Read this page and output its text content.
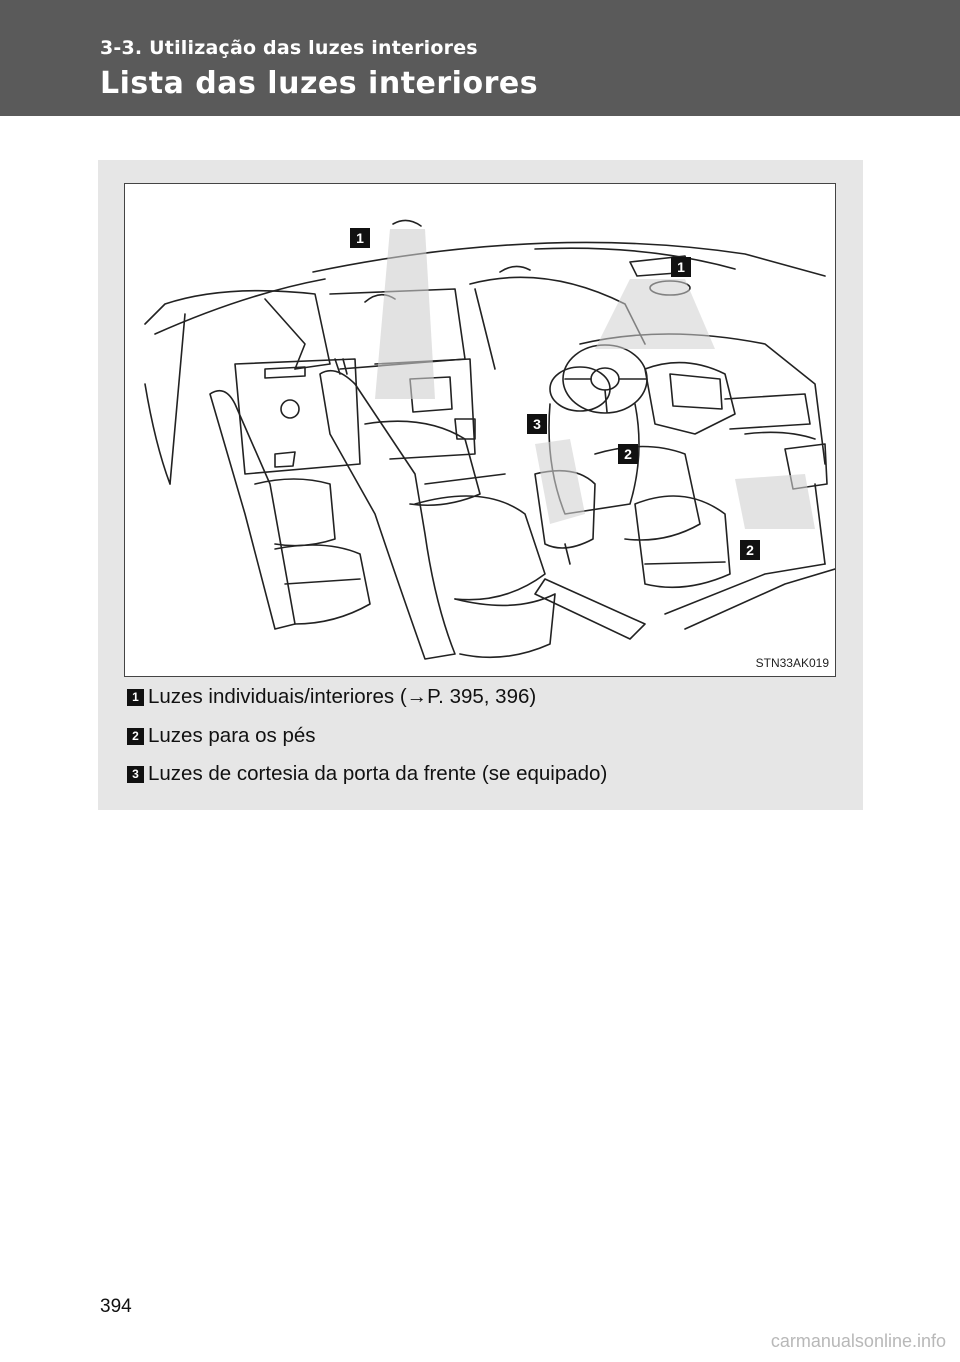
3-3. Utilização das luzes interiores
Lista das luzes interiores
1
1
3
2
2
STN33AK019
1 Luzes individuais/interiores (→P. 395, 396)
2 Luzes para os pés
3 Luzes de cortesia da porta da frente (se equipado)
394
carmanualsonline.info
